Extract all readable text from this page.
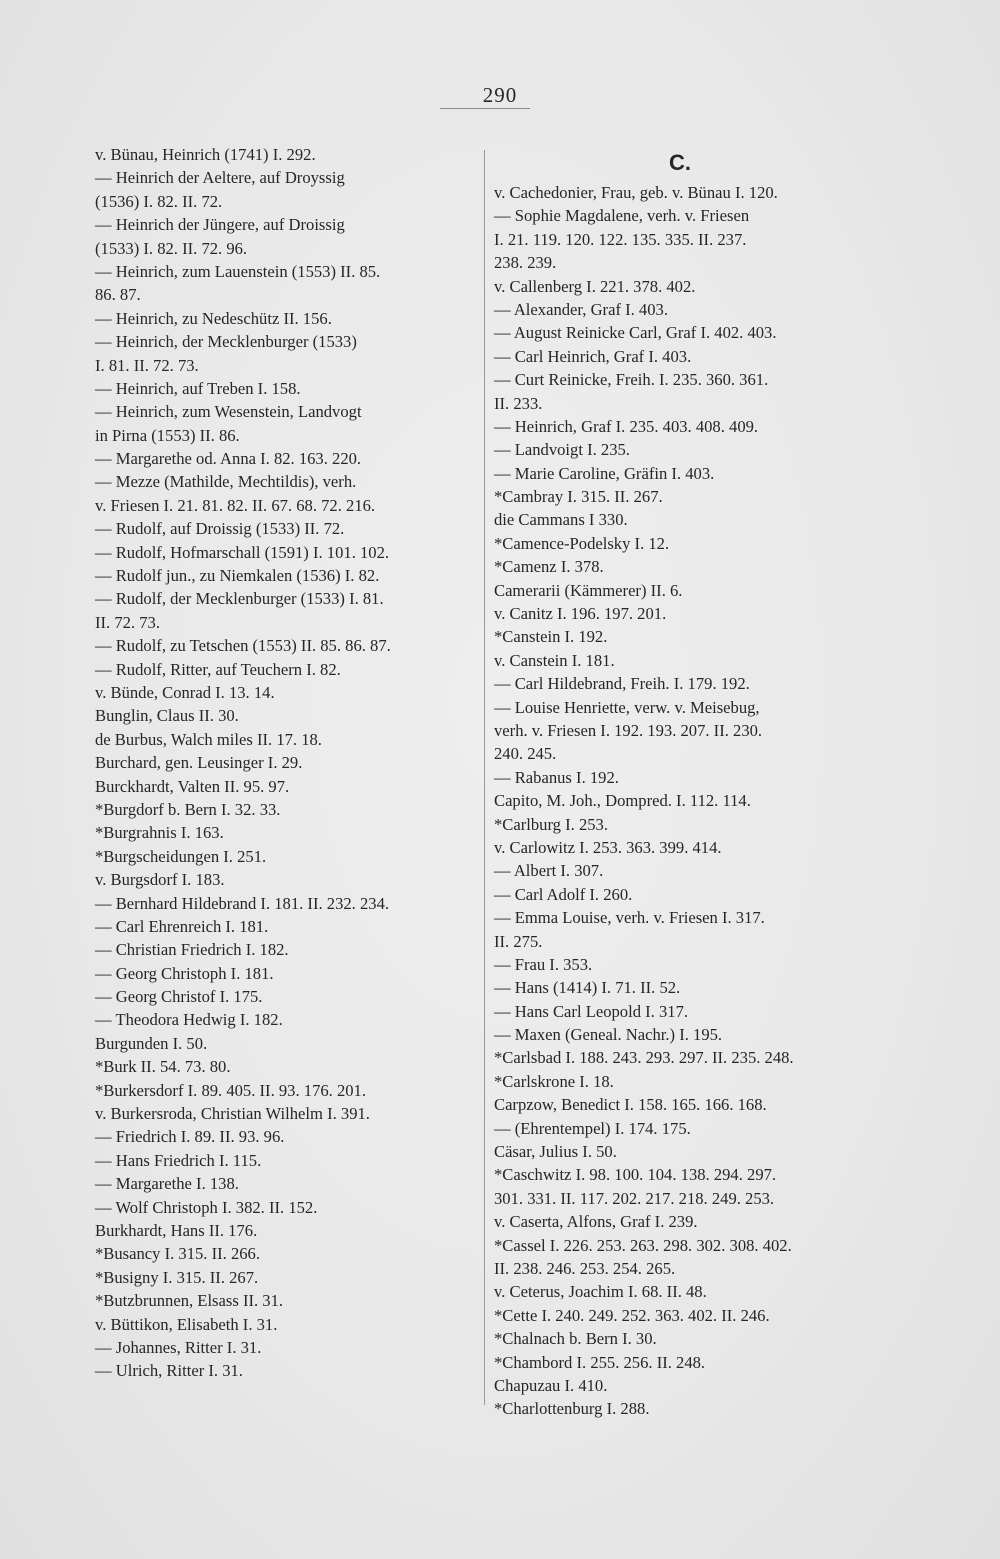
290
v. Bünau, Heinrich (1741) I. 292.
— Heinrich der Aeltere, auf Droyssig
(1536) I. 82. II. 72.
— Heinrich der Jüngere, auf Droissig
(1533) I. 82. II. 72. 96.
— Heinrich, zum Lauenstein (1553) II. 85.
86. 87.
— Heinrich, zu Nedeschütz II. 156.
— Heinrich, der Mecklenburger (1533)
I. 81. II. 72. 73.
— Heinrich, auf Treben I. 158.
— Heinrich, zum Wesenstein, Landvogt
in Pirna (1553) II. 86.
— Margarethe od. Anna I. 82. 163. 220.
— Mezze (Mathilde, Mechtildis), verh.
v. Friesen I. 21. 81. 82. II. 67. 68. 72. 216.
— Rudolf, auf Droissig (1533) II. 72.
— Rudolf, Hofmarschall (1591) I. 101. 102.
— Rudolf jun., zu Niemkalen (1536) I. 82.
— Rudolf, der Mecklenburger (1533) I. 81.
II. 72. 73.
— Rudolf, zu Tetschen (1553) II. 85. 86. 87.
— Rudolf, Ritter, auf Teuchern I. 82.
v. Bünde, Conrad I. 13. 14.
Bunglin, Claus II. 30.
de Burbus, Walch miles II. 17. 18.
Burchard, gen. Leusinger I. 29.
Burckhardt, Valten II. 95. 97.
*Burgdorf b. Bern I. 32. 33.
*Burgrahnis I. 163.
*Burgscheidungen I. 251.
v. Burgsdorf I. 183.
— Bernhard Hildebrand I. 181. II. 232. 234.
— Carl Ehrenreich I. 181.
— Christian Friedrich I. 182.
— Georg Christoph I. 181.
— Georg Christof I. 175.
— Theodora Hedwig I. 182.
Burgunden I. 50.
*Burk II. 54. 73. 80.
*Burkersdorf I. 89. 405. II. 93. 176. 201.
v. Burkersroda, Christian Wilhelm I. 391.
— Friedrich I. 89. II. 93. 96.
— Hans Friedrich I. 115.
— Margarethe I. 138.
— Wolf Christoph I. 382. II. 152.
Burkhardt, Hans II. 176.
*Busancy I. 315. II. 266.
*Busigny I. 315. II. 267.
*Butzbrunnen, Elsass II. 31.
v. Büttikon, Elisabeth I. 31.
— Johannes, Ritter I. 31.
— Ulrich, Ritter I. 31.
C.
v. Cachedonier, Frau, geb. v. Bünau I. 120.
— Sophie Magdalene, verh. v. Friesen
I. 21. 119. 120. 122. 135. 335. II. 237.
238. 239.
v. Callenberg I. 221. 378. 402.
— Alexander, Graf I. 403.
— August Reinicke Carl, Graf I. 402. 403.
— Carl Heinrich, Graf I. 403.
— Curt Reinicke, Freih. I. 235. 360. 361.
II. 233.
— Heinrich, Graf I. 235. 403. 408. 409.
— Landvoigt I. 235.
— Marie Caroline, Gräfin I. 403.
*Cambray I. 315. II. 267.
die Cammans I 330.
*Camence-Podelsky I. 12.
*Camenz I. 378.
Camerarii (Kämmerer) II. 6.
v. Canitz I. 196. 197. 201.
*Canstein I. 192.
v. Canstein I. 181.
— Carl Hildebrand, Freih. I. 179. 192.
— Louise Henriette, verw. v. Meisebug,
verh. v. Friesen I. 192. 193. 207. II. 230.
240. 245.
— Rabanus I. 192.
Capito, M. Joh., Dompred. I. 112. 114.
*Carlburg I. 253.
v. Carlowitz I. 253. 363. 399. 414.
— Albert I. 307.
— Carl Adolf I. 260.
— Emma Louise, verh. v. Friesen I. 317.
II. 275.
— Frau I. 353.
— Hans (1414) I. 71. II. 52.
— Hans Carl Leopold I. 317.
— Maxen (Geneal. Nachr.) I. 195.
*Carlsbad I. 188. 243. 293. 297. II. 235. 248.
*Carlskrone I. 18.
Carpzow, Benedict I. 158. 165. 166. 168.
— (Ehrentempel) I. 174. 175.
Cäsar, Julius I. 50.
*Caschwitz I. 98. 100. 104. 138. 294. 297.
301. 331. II. 117. 202. 217. 218. 249. 253.
v. Caserta, Alfons, Graf I. 239.
*Cassel I. 226. 253. 263. 298. 302. 308. 402.
II. 238. 246. 253. 254. 265.
v. Ceterus, Joachim I. 68. II. 48.
*Cette I. 240. 249. 252. 363. 402. II. 246.
*Chalnach b. Bern I. 30.
*Chambord I. 255. 256. II. 248.
Chapuzau I. 410.
*Charlottenburg I. 288.
